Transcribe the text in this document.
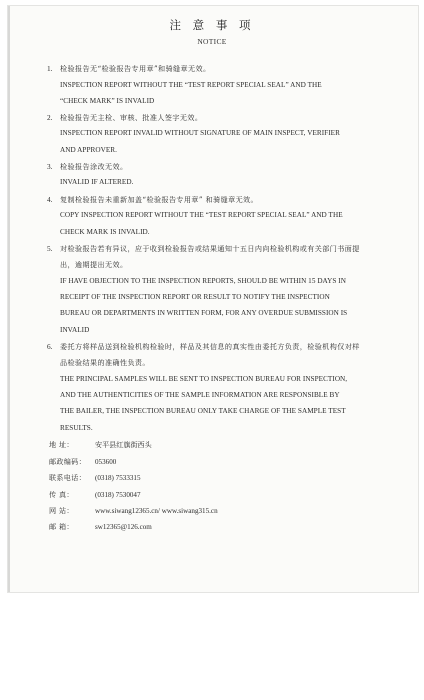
注 意 事 项
NOTICE
1. 检验报告无“检验报告专用章”和骑缝章无效。
INSPECTION REPORT WITHOUT THE “TEST REPORT SPECIAL SEAL” AND THE
“CHECK MARK” IS INVALID
2. 检验报告无主检、审核、批准人签字无效。
INSPECTION REPORT INVALID WITHOUT SIGNATURE OF MAIN INSPECT, VERIFIER
AND APPROVER.
3. 检验报告涂改无效。
INVALID IF ALTERED.
4. 复制检验报告未重新加盖“检验报告专用章” 和骑缝章无效。
COPY INSPECTION REPORT WITHOUT THE “TEST REPORT SPECIAL SEAL” AND THE
CHECK MARK IS INVALID.
5. 对检验报告若有异议，应于收到检验报告或结果通知十五日内向检验机构或有关部门书面提
出，逾期提出无效。
IF HAVE OBJECTION TO THE INSPECTION REPORTS, SHOULD BE WITHIN 15 DAYS IN
RECEIPT OF THE INSPECTION REPORT OR RESULT TO NOTIFY THE INSPECTION
BUREAU OR DEPARTMENTS IN WRITTEN FORM, FOR ANY OVERDUE SUBMISSION IS
INVALID
6. 委托方将样品送到检验机构检验时，样品及其信息的真实性由委托方负责，检验机构仅对样
品检验结果的准确性负责。
THE PRINCIPAL SAMPLES WILL BE SENT TO INSPECTION BUREAU FOR INSPECTION,
AND THE AUTHENTICITIES OF THE SAMPLE INFORMATION ARE RESPONSIBLE BY
THE BAILER, THE INSPECTION BUREAU ONLY TAKE CHARGE OF THE SAMPLE TEST
RESULTS.
地 址：	安平县红旗街西头
邮政编码： 053600
联系电话： (0318) 7533315
传 真：	(0318) 7530047
网 站：	www.siwang12365.cn/ www.siwang315.cn
邮 箱：	sw12365@126.com
